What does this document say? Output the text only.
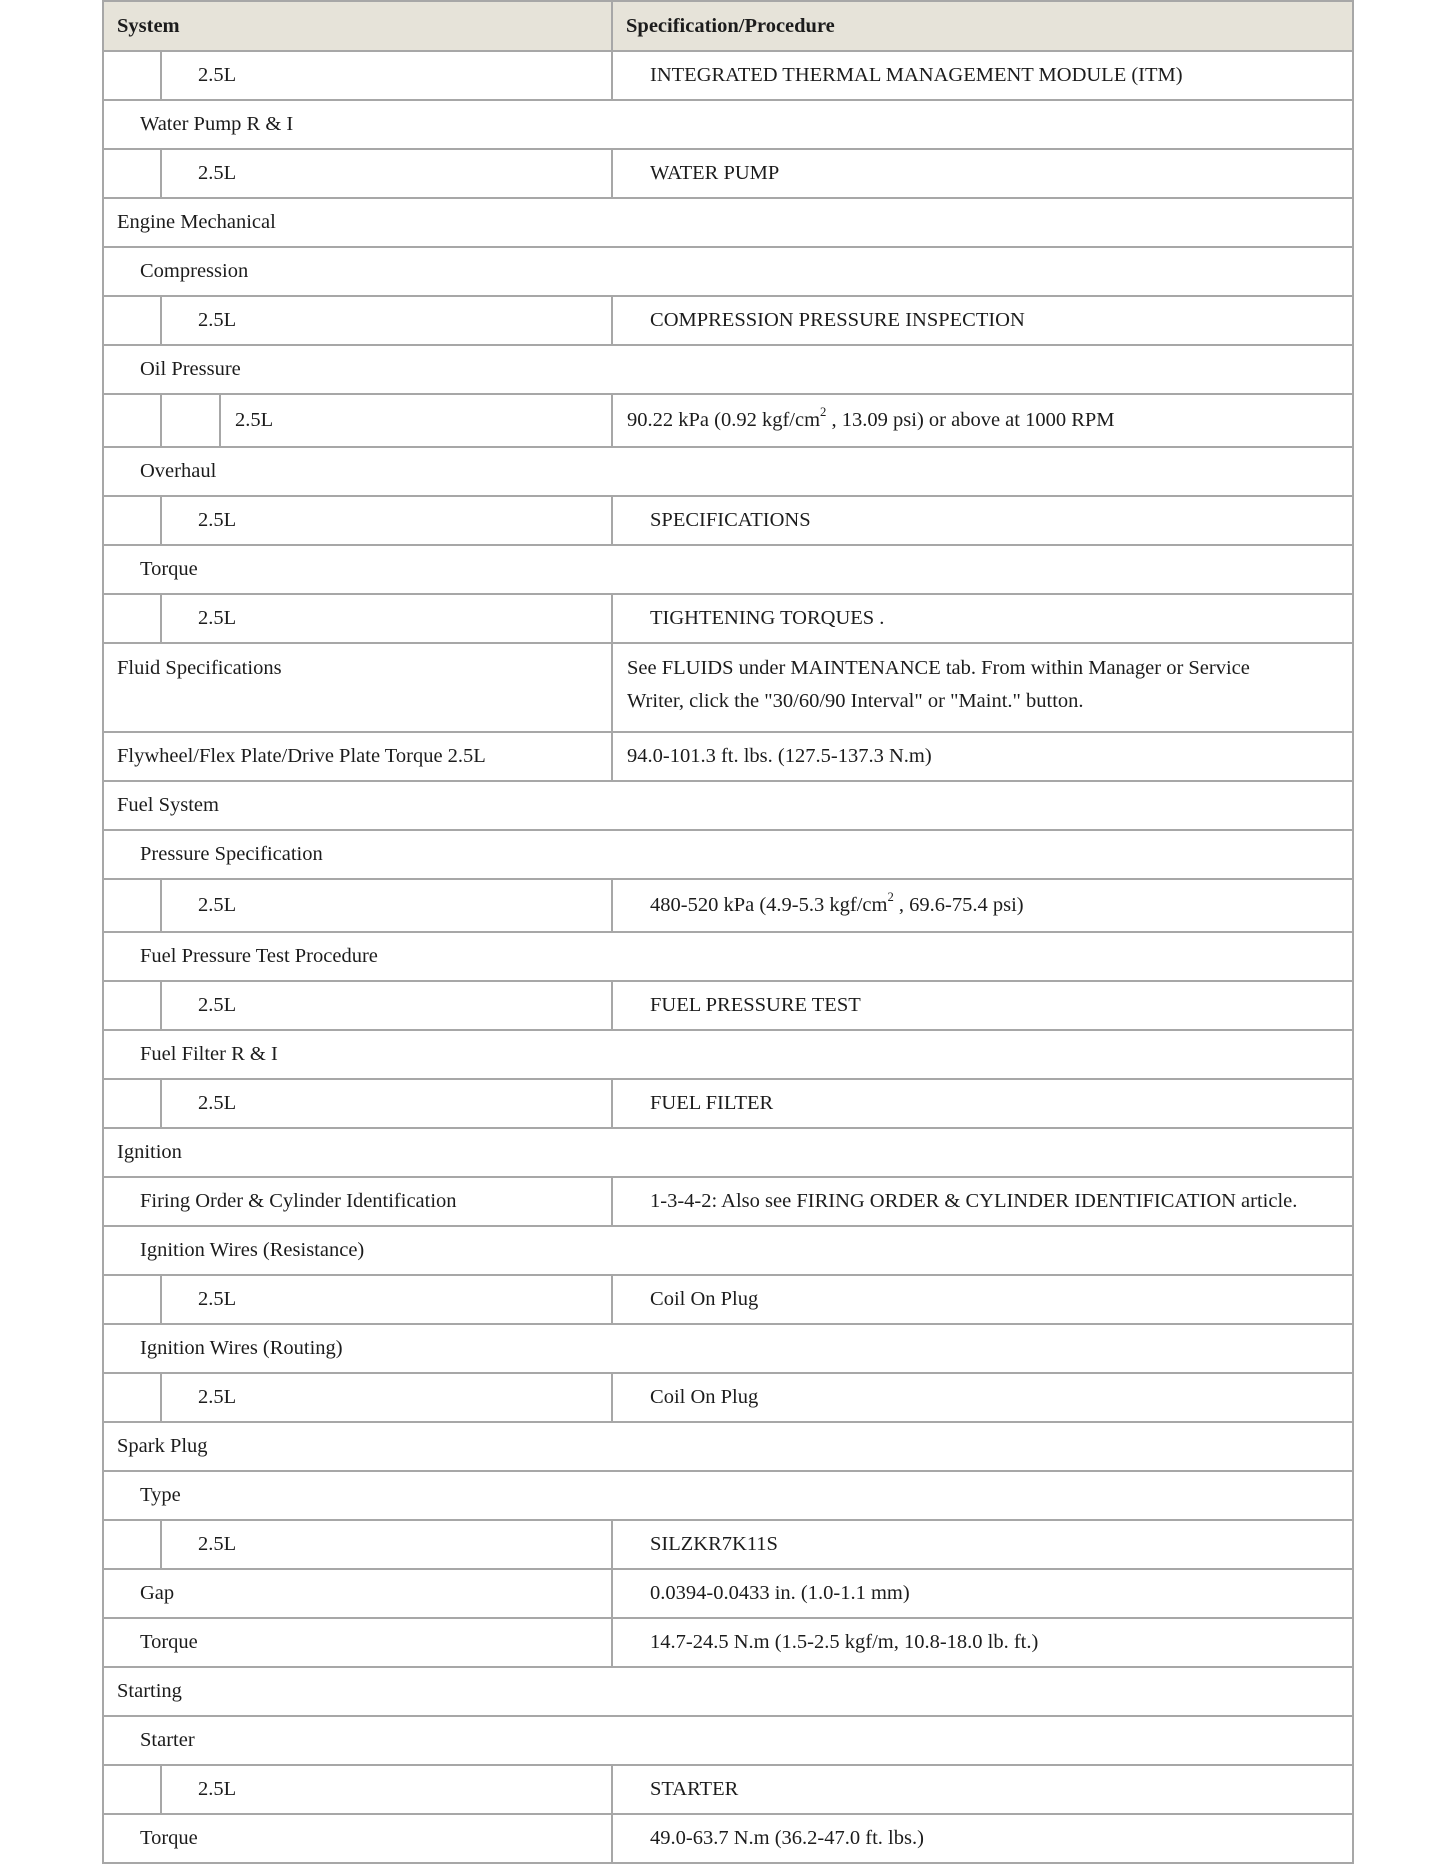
System			Specification/Procedure
	2.5L		INTEGRATED THERMAL MANAGEMENT MODULE (ITM)
Water Pump R & I			
	2.5L		WATER PUMP
Engine Mechanical			
Compression			
	2.5L		COMPRESSION PRESSURE INSPECTION
Oil Pressure			
		2.5L	90.22 kPa (0.92 kgf/$cm^2$ , 13.09 psi) or above at 1000 RPM
Overhaul			
	2.5L		SPECIFICATIONS
Torque			
	2.5L		TIGHTENING TORQUES .
Fluid Specifications			See FLUIDS under MAINTENANCE tab. From within Manager or Service
Writer, click the "30/60/90 Interval" or "Maint." button.

Flywheel/Flex Plate/Drive Plate Torque 2.5L			94.0-101.3 ft. lbs. (127.5-137.3 N.m)
Fuel System			
Pressure Specification			
	2.5L		480-520 kPa (4.9-5.3 kgf/$cm^2$ , 69.6-75.4 psi)
Fuel Pressure Test Procedure			
	2.5L		FUEL PRESSURE TEST
Fuel Filter R & I			
	2.5L		FUEL FILTER
Ignition			
Firing Order & Cylinder Identification			1-3-4-2: Also see FIRING ORDER & CYLINDER IDENTIFICATION article.
Ignition Wires (Resistance)			
	2.5L		Coil On Plug
Ignition Wires (Routing)			
	2.5L		Coil On Plug
Spark Plug			
Type			
	2.5L		SILZKR7K11S
Gap			0.0394-0.0433 in. (1.0-1.1 mm)
Torque			14.7-24.5 N.m (1.5-2.5 kgf/m, 10.8-18.0 lb. ft.)
Starting			
Starter			
	2.5L		STARTER
Torque			49.0-63.7 N.m (36.2-47.0 ft. lbs.)
